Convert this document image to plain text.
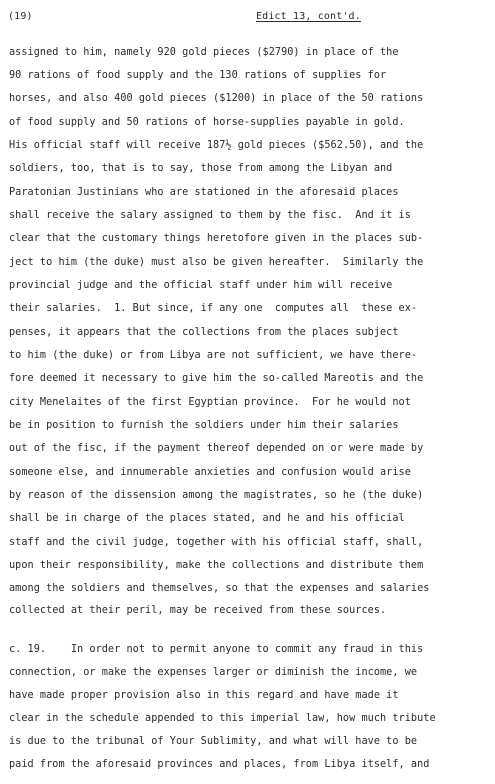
(19)	Edict 13, cont'd.
assigned to him, namely 920 gold pieces ($2790) in place of the
90 rations of food supply and the 130 rations of supplies for
horses, and also 400 gold pieces ($1200) in place of the 50 rations
of food supply and 50 rations of horse-supplies payable in gold.
His official staff will receive 187½ gold pieces ($562.50), and the
soldiers, too, that is to say, those from among the Libyan and
Paratonian Justinians who are stationed in the aforesaid places
shall receive the salary assigned to them by the fisc.  And it is
clear that the customary things heretofore given in the places sub-
ject to him (the duke) must also be given hereafter.  Similarly the
provincial judge and the official staff under him will receive
their salaries.  1. But since, if any one  computes all  these ex-
penses, it appears that the collections from the places subject
to him (the duke) or from Libya are not sufficient, we have there-
fore deemed it necessary to give him the so-called Mareotis and the
city Menelaites of the first Egyptian province.  For he would not
be in position to furnish the soldiers under him their salaries
out of the fisc, if the payment thereof depended on or were made by
someone else, and innumerable anxieties and confusion would arise
by reason of the dissension among the magistrates, so he (the duke)
shall be in charge of the places stated, and he and his official
staff and the civil judge, together with his official staff, shall,
upon their responsibility, make the collections and distribute them
among the soldiers and themselves, so that the expenses and salaries
collected at their peril, may be received from these sources.
c. 19.    In order not to permit anyone to commit any fraud in this
connection, or make the expenses larger or diminish the income, we
have made proper provision also in this regard and have made it
clear in the schedule appended to this imperial law, how much tribute
is due to the tribunal of Your Sublimity, and what will have to be
paid from the aforesaid provinces and places, from Libya itself, and
